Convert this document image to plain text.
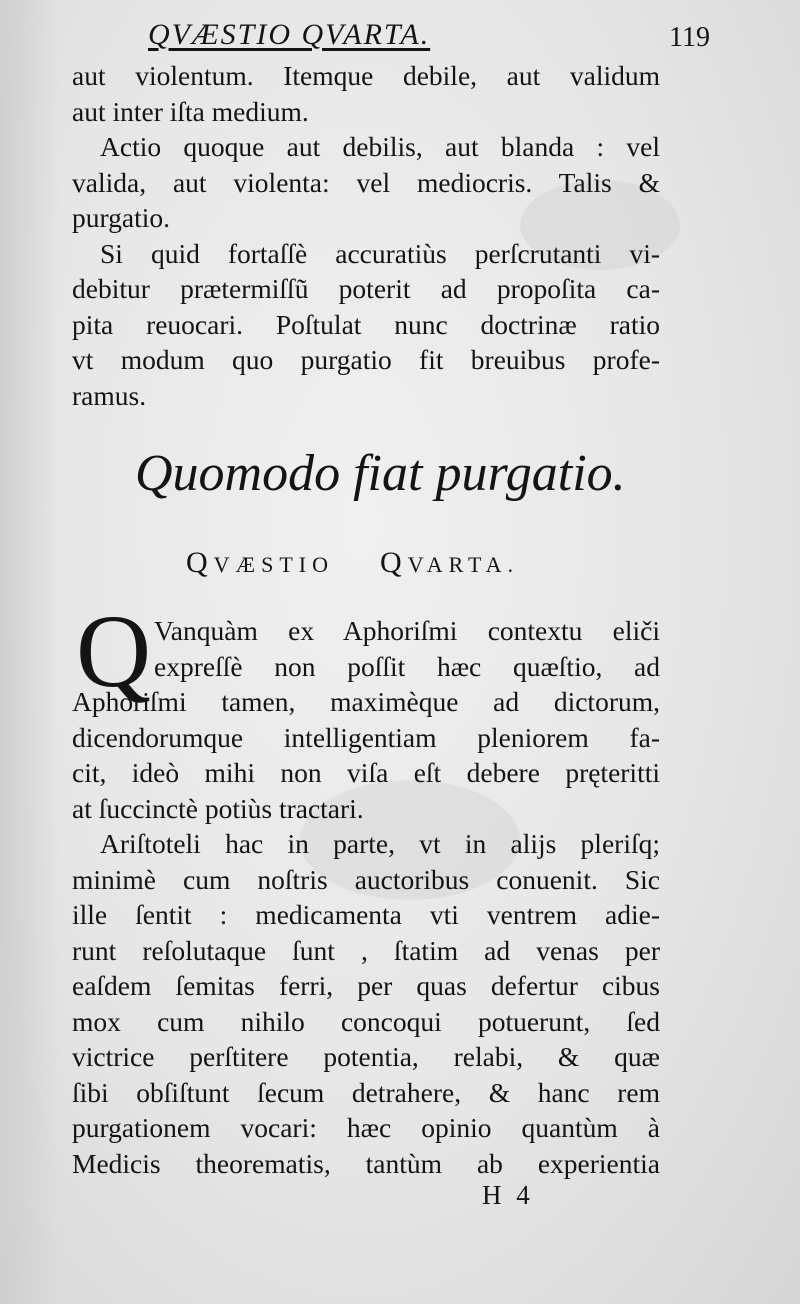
QVÆSTIO QVARTA.	119
aut violentum. Itemque debile, aut validum
aut inter iſta medium.
Actio quoque aut debilis, aut blanda : vel
valida, aut violenta: vel mediocris. Talis &
purgatio.
Si quid fortaſſè accuratiùs perſcrutanti vi-
debitur prætermiſſũ poterit ad propoſita ca-
pita reuocari. Poſtulat nunc doctrinæ ratio
vt modum quo purgatio fit breuibus profe-
ramus.
Quomodo fiat purgatio.
QVÆSTIO QVARTA.
Q Vanquàm ex Aphoriſmi contextu eliči
expreſſè non poſſit hæc quæſtio, ad
Aphoriſmi tamen, maximèque ad dictorum,
dicendorumque intelligentiam pleniorem fa-
cit, ideò mihi non viſa eſt debere pręteritti
at ſuccinctè potiùs tractari.
Ariſtoteli hac in parte, vt in aliјs pleriſq;
minimè cum noſtris auctoribus conuenit. Sic
ille ſentit : medicamenta vti ventrem adie-
runt reſolutaque ſunt , ſtatim ad venas per
eaſdem ſemitas ferri, per quas defertur cibus
mox cum nihilo concoqui potuerunt, ſed
victrice perſtitere potentia, relabi, & quæ
ſibi obſiſtunt ſecum detrahere, & hanc rem
purgationem vocari: hæc opinio quantùm à
Medicis theorematis, tantùm ab experientia
H 4
